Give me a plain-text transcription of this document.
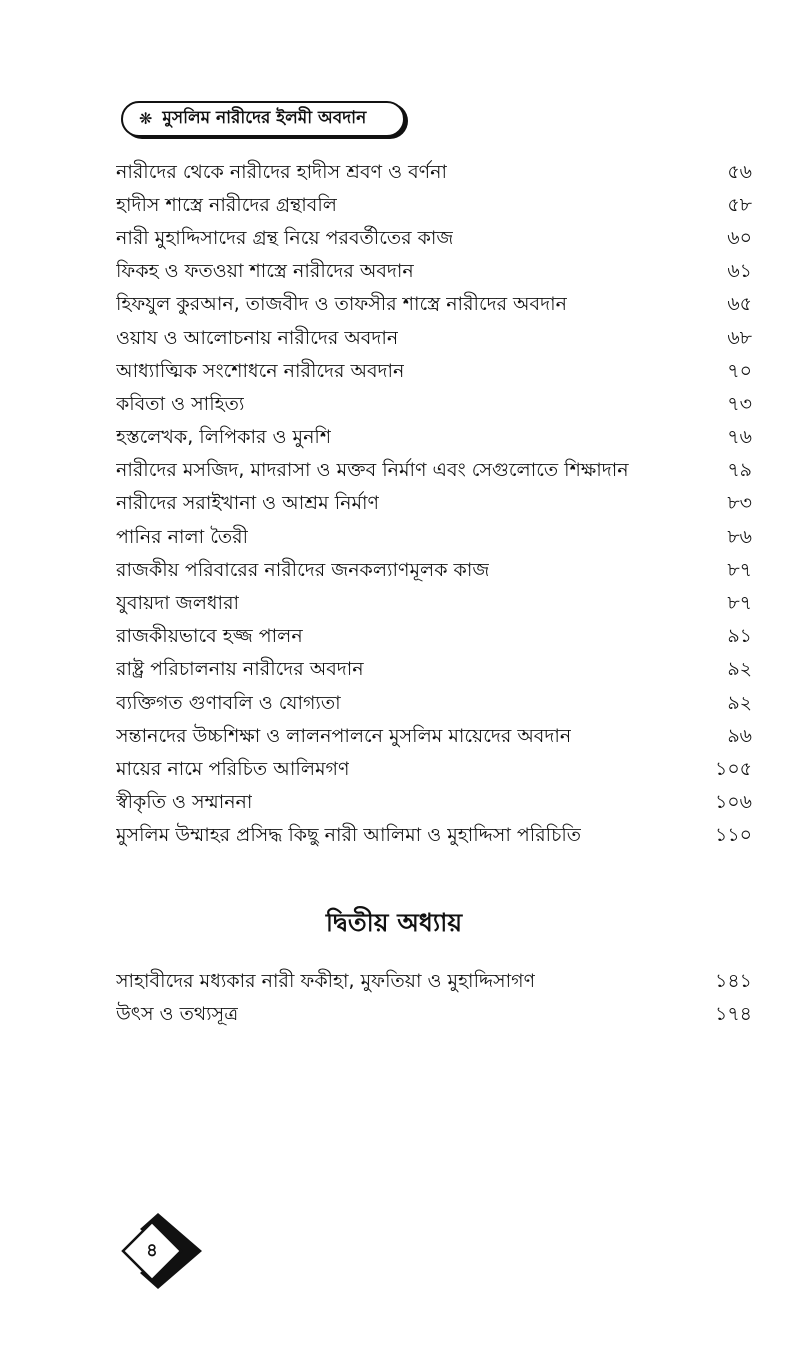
❋ মুসলিম নারীদের ইলমী অবদান
নারীদের থেকে নারীদের হাদীস শ্রবণ ও বর্ণনা	৫৬
হাদীস শাস্ত্রে নারীদের গ্রন্থাবলি	৫৮
নারী মুহাদ্দিসাদের গ্রন্থ নিয়ে পরবর্তীতের কাজ	৬০
ফিকহ ও ফতওয়া শাস্ত্রে নারীদের অবদান	৬১
হিফযুল কুরআন, তাজবীদ ও তাফসীর শাস্ত্রে নারীদের অবদান	৬৫
ওয়ায ও আলোচনায় নারীদের অবদান	৬৮
আধ্যাত্মিক সংশোধনে নারীদের অবদান	৭০
কবিতা ও সাহিত্য	৭৩
হস্তলেখক, লিপিকার ও মুনশি	৭৬
নারীদের মসজিদ, মাদরাসা ও মক্তব নির্মাণ এবং সেগুলোতে শিক্ষাদান	৭৯
নারীদের সরাইখানা ও আশ্রম নির্মাণ	৮৩
পানির নালা তৈরী	৮৬
রাজকীয় পরিবারের নারীদের জনকল্যাণমূলক কাজ	৮৭
যুবায়দা জলধারা	৮৭
রাজকীয়ভাবে হজ্জ পালন	৯১
রাষ্ট্র পরিচালনায় নারীদের অবদান	৯২
ব্যক্তিগত গুণাবলি ও যোগ্যতা	৯২
সন্তানদের উচ্চশিক্ষা ও লালনপালনে মুসলিম মায়েদের অবদান	৯৬
মায়ের নামে পরিচিত আলিমগণ	১০৫
স্বীকৃতি ও সম্মাননা	১০৬
মুসলিম উম্মাহর প্রসিদ্ধ কিছু নারী আলিমা ও মুহাদ্দিসা পরিচিতি	১১০
দ্বিতীয় অধ্যায়
সাহাবীদের মধ্যকার নারী ফকীহা, মুফতিয়া ও মুহাদ্দিসাগণ	১৪১
উৎস ও তথ্যসূত্র	১৭৪
৪
